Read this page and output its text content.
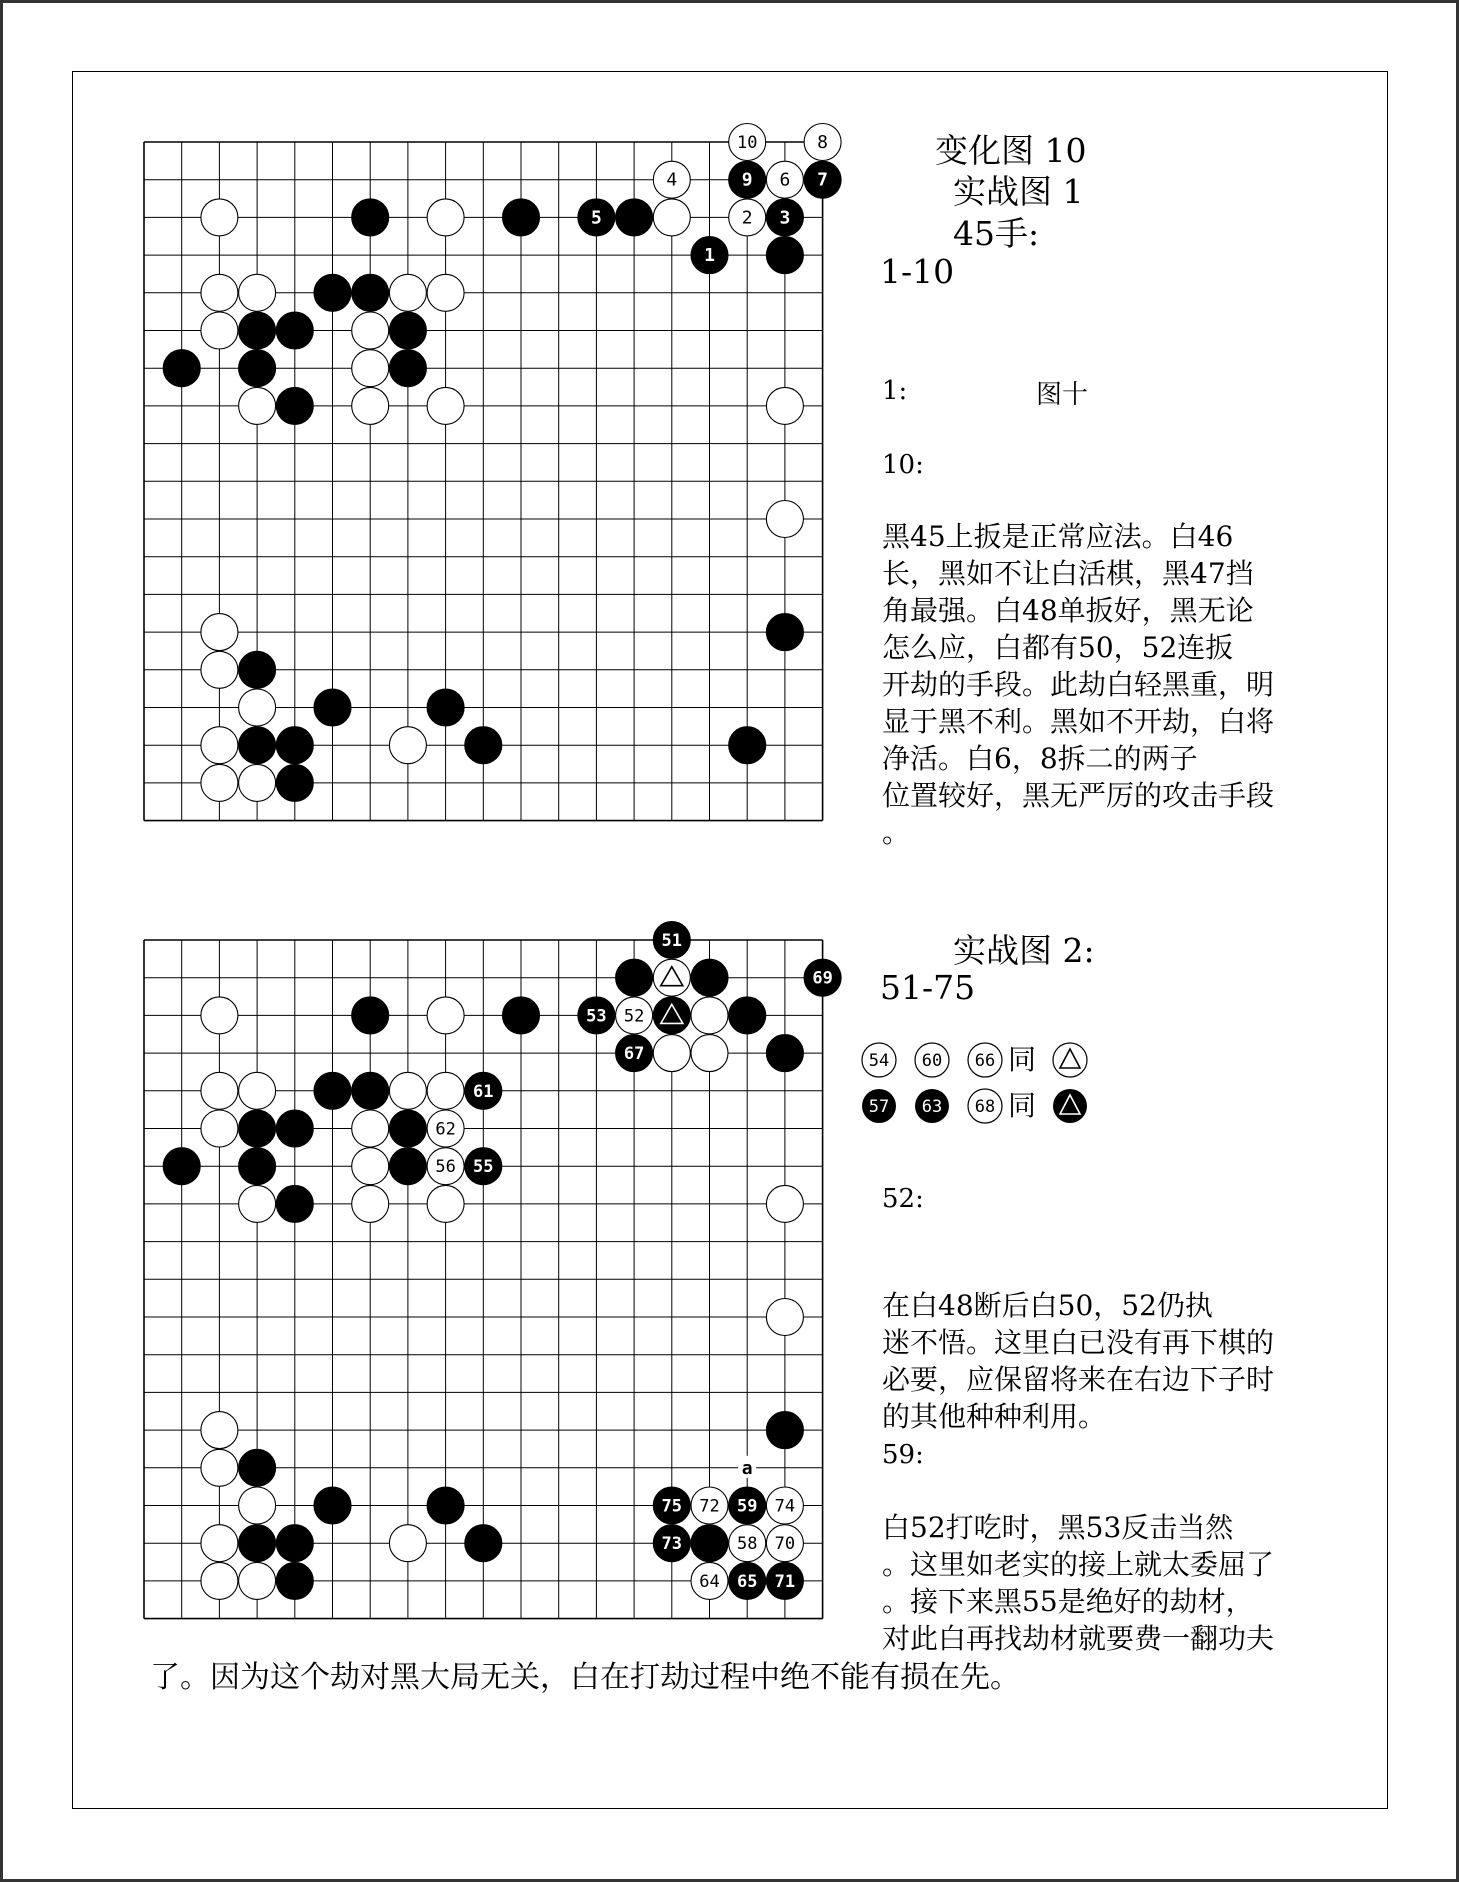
1
2 3
4
5
6 7
8
9
10	变化图 10
实战图 1
45手:
1-10
1:	图十
10:
黑45上扳是正常应法。白46
长，黑如不让白活棋，黑47挡
角最强。白48单扳好，黑无论
怎么应，白都有50，52连扳
开劫的手段。此劫白轻黑重，明
显于黑不利。黑如不开劫，白将
净活。白6，8拆二的两子
位置较好，黑无严厉的攻击手段
。
51
52
53
55
56
62
61
67
69
58
59
65
64
70
71
72
73
74
75
a
实战图 2:
51-75
54 60 66 同
57 63 68 同
52:
在白48断后白50，52仍执
迷不悟。这里白已没有再下棋的
必要，应保留将来在右边下子时
的其他种种利用。
59:
白52打吃时，黑53反击当然
。这里如老实的接上就太委屈了
。接下来黑55是绝好的劫材，
对此白再找劫材就要费一翻功夫
了。因为这个劫对黑大局无关，白在打劫过程中绝不能有损在先。
